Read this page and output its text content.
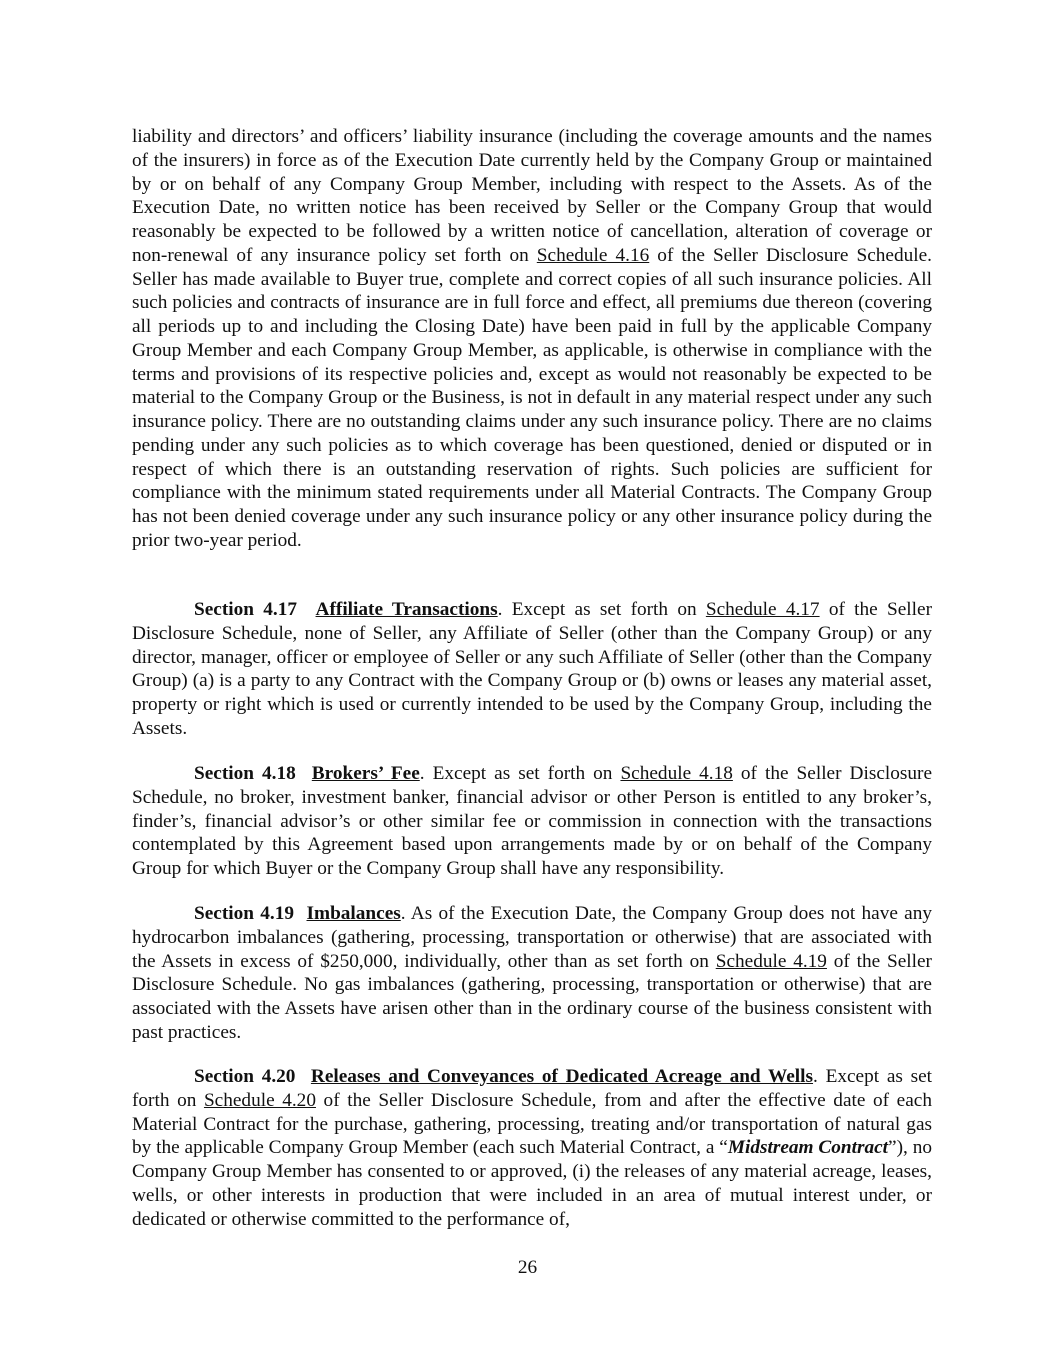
liability and directors’ and officers’ liability insurance (including the coverage amounts and the names of the insurers) in force as of the Execution Date currently held by the Company Group or maintained by or on behalf of any Company Group Member, including with respect to the Assets. As of the Execution Date, no written notice has been received by Seller or the Company Group that would reasonably be expected to be followed by a written notice of cancellation, alteration of coverage or non-renewal of any insurance policy set forth on Schedule 4.16 of the Seller Disclosure Schedule. Seller has made available to Buyer true, complete and correct copies of all such insurance policies. All such policies and contracts of insurance are in full force and effect, all premiums due thereon (covering all periods up to and including the Closing Date) have been paid in full by the applicable Company Group Member and each Company Group Member, as applicable, is otherwise in compliance with the terms and provisions of its respective policies and, except as would not reasonably be expected to be material to the Company Group or the Business, is not in default in any material respect under any such insurance policy. There are no outstanding claims under any such insurance policy. There are no claims pending under any such policies as to which coverage has been questioned, denied or disputed or in respect of which there is an outstanding reservation of rights. Such policies are sufficient for compliance with the minimum stated requirements under all Material Contracts. The Company Group has not been denied coverage under any such insurance policy or any other insurance policy during the prior two-year period.

Section 4.17 Affiliate Transactions. Except as set forth on Schedule 4.17 of the Seller Disclosure Schedule, none of Seller, any Affiliate of Seller (other than the Company Group) or any director, manager, officer or employee of Seller or any such Affiliate of Seller (other than the Company Group) (a) is a party to any Contract with the Company Group or (b) owns or leases any material asset, property or right which is used or currently intended to be used by the Company Group, including the Assets.

Section 4.18 Brokers’ Fee. Except as set forth on Schedule 4.18 of the Seller Disclosure Schedule, no broker, investment banker, financial advisor or other Person is entitled to any broker’s, finder’s, financial advisor’s or other similar fee or commission in connection with the transactions contemplated by this Agreement based upon arrangements made by or on behalf of the Company Group for which Buyer or the Company Group shall have any responsibility.

Section 4.19 Imbalances. As of the Execution Date, the Company Group does not have any hydrocarbon imbalances (gathering, processing, transportation or otherwise) that are associated with the Assets in excess of $250,000, individually, other than as set forth on Schedule 4.19 of the Seller Disclosure Schedule. No gas imbalances (gathering, processing, transportation or otherwise) that are associated with the Assets have arisen other than in the ordinary course of the business consistent with past practices.

Section 4.20 Releases and Conveyances of Dedicated Acreage and Wells. Except as set forth on Schedule 4.20 of the Seller Disclosure Schedule, from and after the effective date of each Material Contract for the purchase, gathering, processing, treating and/or transportation of natural gas by the applicable Company Group Member (each such Material Contract, a “Midstream Contract”), no Company Group Member has consented to or approved, (i) the releases of any material acreage, leases, wells, or other interests in production that were included in an area of mutual interest under, or dedicated or otherwise committed to the performance of,

26
